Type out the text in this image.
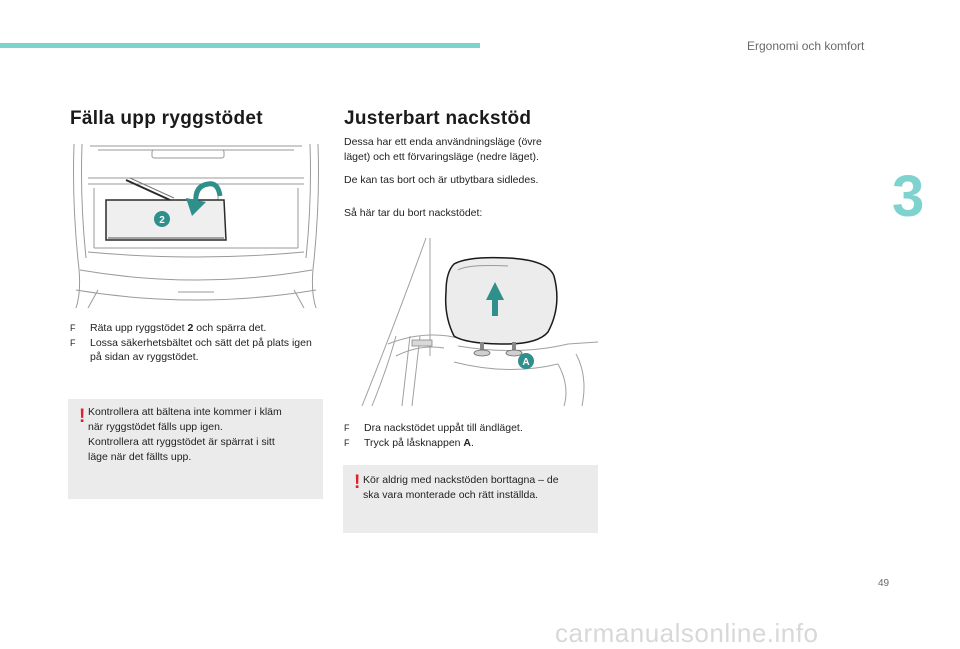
Ergonomi och komfort
3
Fälla upp ryggstödet
2
F	Räta upp ryggstödet 2 och spärra det.
F	Lossa säkerhetsbältet och sätt det på plats igen på sidan av ryggstödet.
! Kontrollera att bältena inte kommer i kläm
när ryggstödet fälls upp igen.
Kontrollera att ryggstödet är spärrat i sitt
läge när det fällts upp.
Justerbart nackstöd
Dessa har ett enda användningsläge (övre
läget) och ett förvaringsläge (nedre läget).
De kan tas bort och är utbytbara sidledes.
Så här tar du bort nackstödet:
A
F	Dra nackstödet uppåt till ändläget.
F	Tryck på låsknappen A.
! Kör aldrig med nackstöden borttagna – de
ska vara monterade och rätt inställda.
49
carmanualsonline.info
